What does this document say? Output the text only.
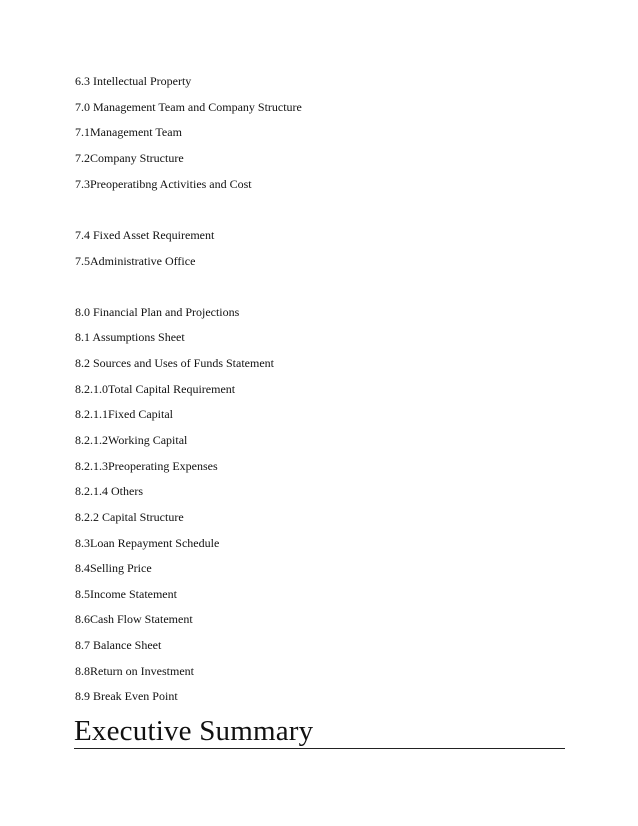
6.3 Intellectual Property
7.0 Management Team and Company Structure
7.1Management Team
7.2Company Structure
7.3Preoperatibng Activities and Cost
7.4 Fixed Asset Requirement
7.5Administrative Office
8.0 Financial Plan and Projections
8.1 Assumptions Sheet
8.2 Sources and Uses of Funds Statement
8.2.1.0Total Capital Requirement
8.2.1.1Fixed Capital
8.2.1.2Working Capital
8.2.1.3Preoperating Expenses
8.2.1.4 Others
8.2.2 Capital Structure
8.3Loan Repayment Schedule
8.4Selling Price
8.5Income Statement
8.6Cash Flow Statement
8.7 Balance Sheet
8.8Return on Investment
8.9 Break Even Point
Executive Summary
